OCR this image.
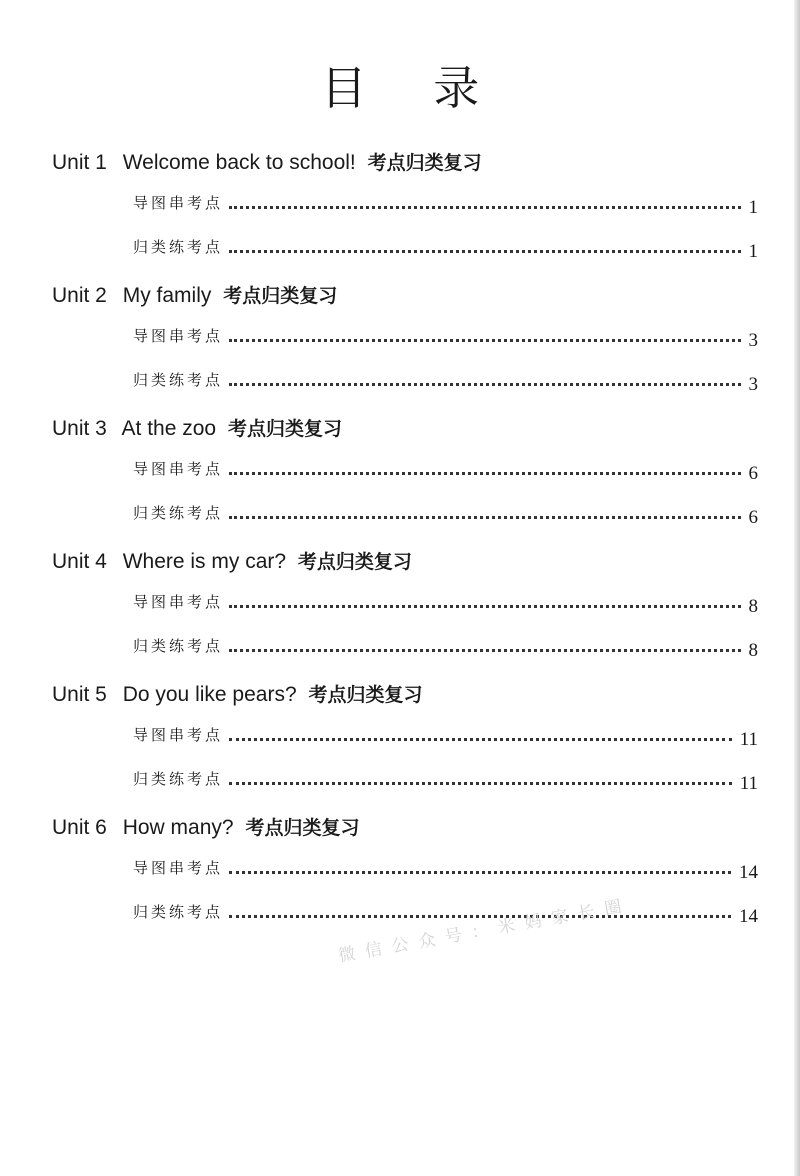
目 录
Unit 1 Welcome back to school! 考点归类复习
导图串考点	1
归类练考点	1
Unit 2 My family 考点归类复习
导图串考点	3
归类练考点	3
Unit 3 At the zoo 考点归类复习
导图串考点	6
归类练考点	6
Unit 4 Where is my car? 考点归类复习
导图串考点	8
归类练考点	8
Unit 5 Do you like pears? 考点归类复习
导图串考点	11
归类练考点	11
Unit 6 How many? 考点归类复习
导图串考点	14
归类练考点	14
微信公众号：米妈家长圈
